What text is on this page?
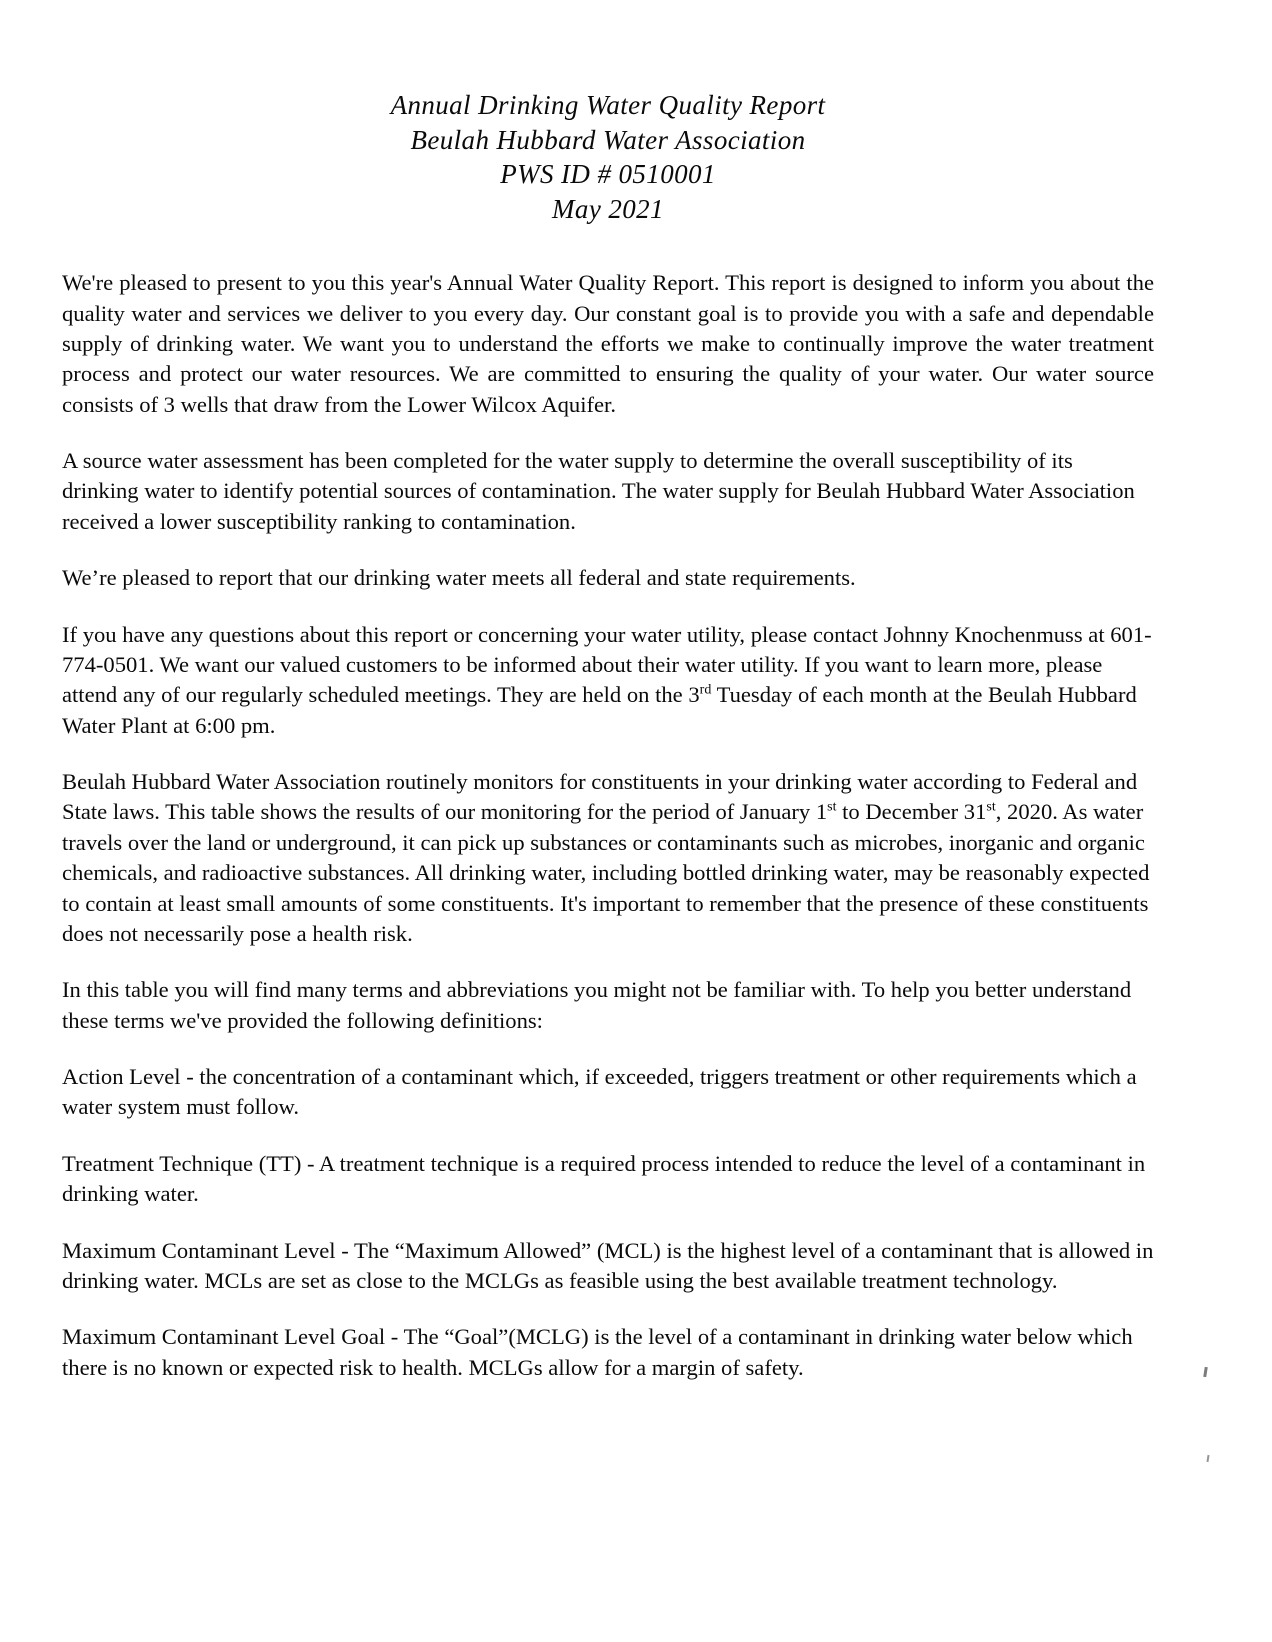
Annual Drinking Water Quality Report
Beulah Hubbard Water Association
PWS ID # 0510001
May 2021

We're pleased to present to you this year's Annual Water Quality Report. This report is designed to inform you about the quality water and services we deliver to you every day. Our constant goal is to provide you with a safe and dependable supply of drinking water. We want you to understand the efforts we make to continually improve the water treatment process and protect our water resources. We are committed to ensuring the quality of your water. Our water source consists of 3 wells that draw from the Lower Wilcox Aquifer.

A source water assessment has been completed for the water supply to determine the overall susceptibility of its drinking water to identify potential sources of contamination. The water supply for Beulah Hubbard Water Association received a lower susceptibility ranking to contamination.

We’re pleased to report that our drinking water meets all federal and state requirements.

If you have any questions about this report or concerning your water utility, please contact Johnny Knochenmuss at 601-774-0501. We want our valued customers to be informed about their water utility. If you want to learn more, please attend any of our regularly scheduled meetings. They are held on the 3rd Tuesday of each month at the Beulah Hubbard Water Plant at 6:00 pm.

Beulah Hubbard Water Association routinely monitors for constituents in your drinking water according to Federal and State laws. This table shows the results of our monitoring for the period of January 1st to December 31st, 2020. As water travels over the land or underground, it can pick up substances or contaminants such as microbes, inorganic and organic chemicals, and radioactive substances. All drinking water, including bottled drinking water, may be reasonably expected to contain at least small amounts of some constituents. It's important to remember that the presence of these constituents does not necessarily pose a health risk.

In this table you will find many terms and abbreviations you might not be familiar with. To help you better understand these terms we've provided the following definitions:

Action Level - the concentration of a contaminant which, if exceeded, triggers treatment or other requirements which a water system must follow.

Treatment Technique (TT) - A treatment technique is a required process intended to reduce the level of a contaminant in drinking water.

Maximum Contaminant Level - The “Maximum Allowed” (MCL) is the highest level of a contaminant that is allowed in drinking water. MCLs are set as close to the MCLGs as feasible using the best available treatment technology.

Maximum Contaminant Level Goal - The “Goal”(MCLG) is the level of a contaminant in drinking water below which there is no known or expected risk to health. MCLGs allow for a margin of safety.
